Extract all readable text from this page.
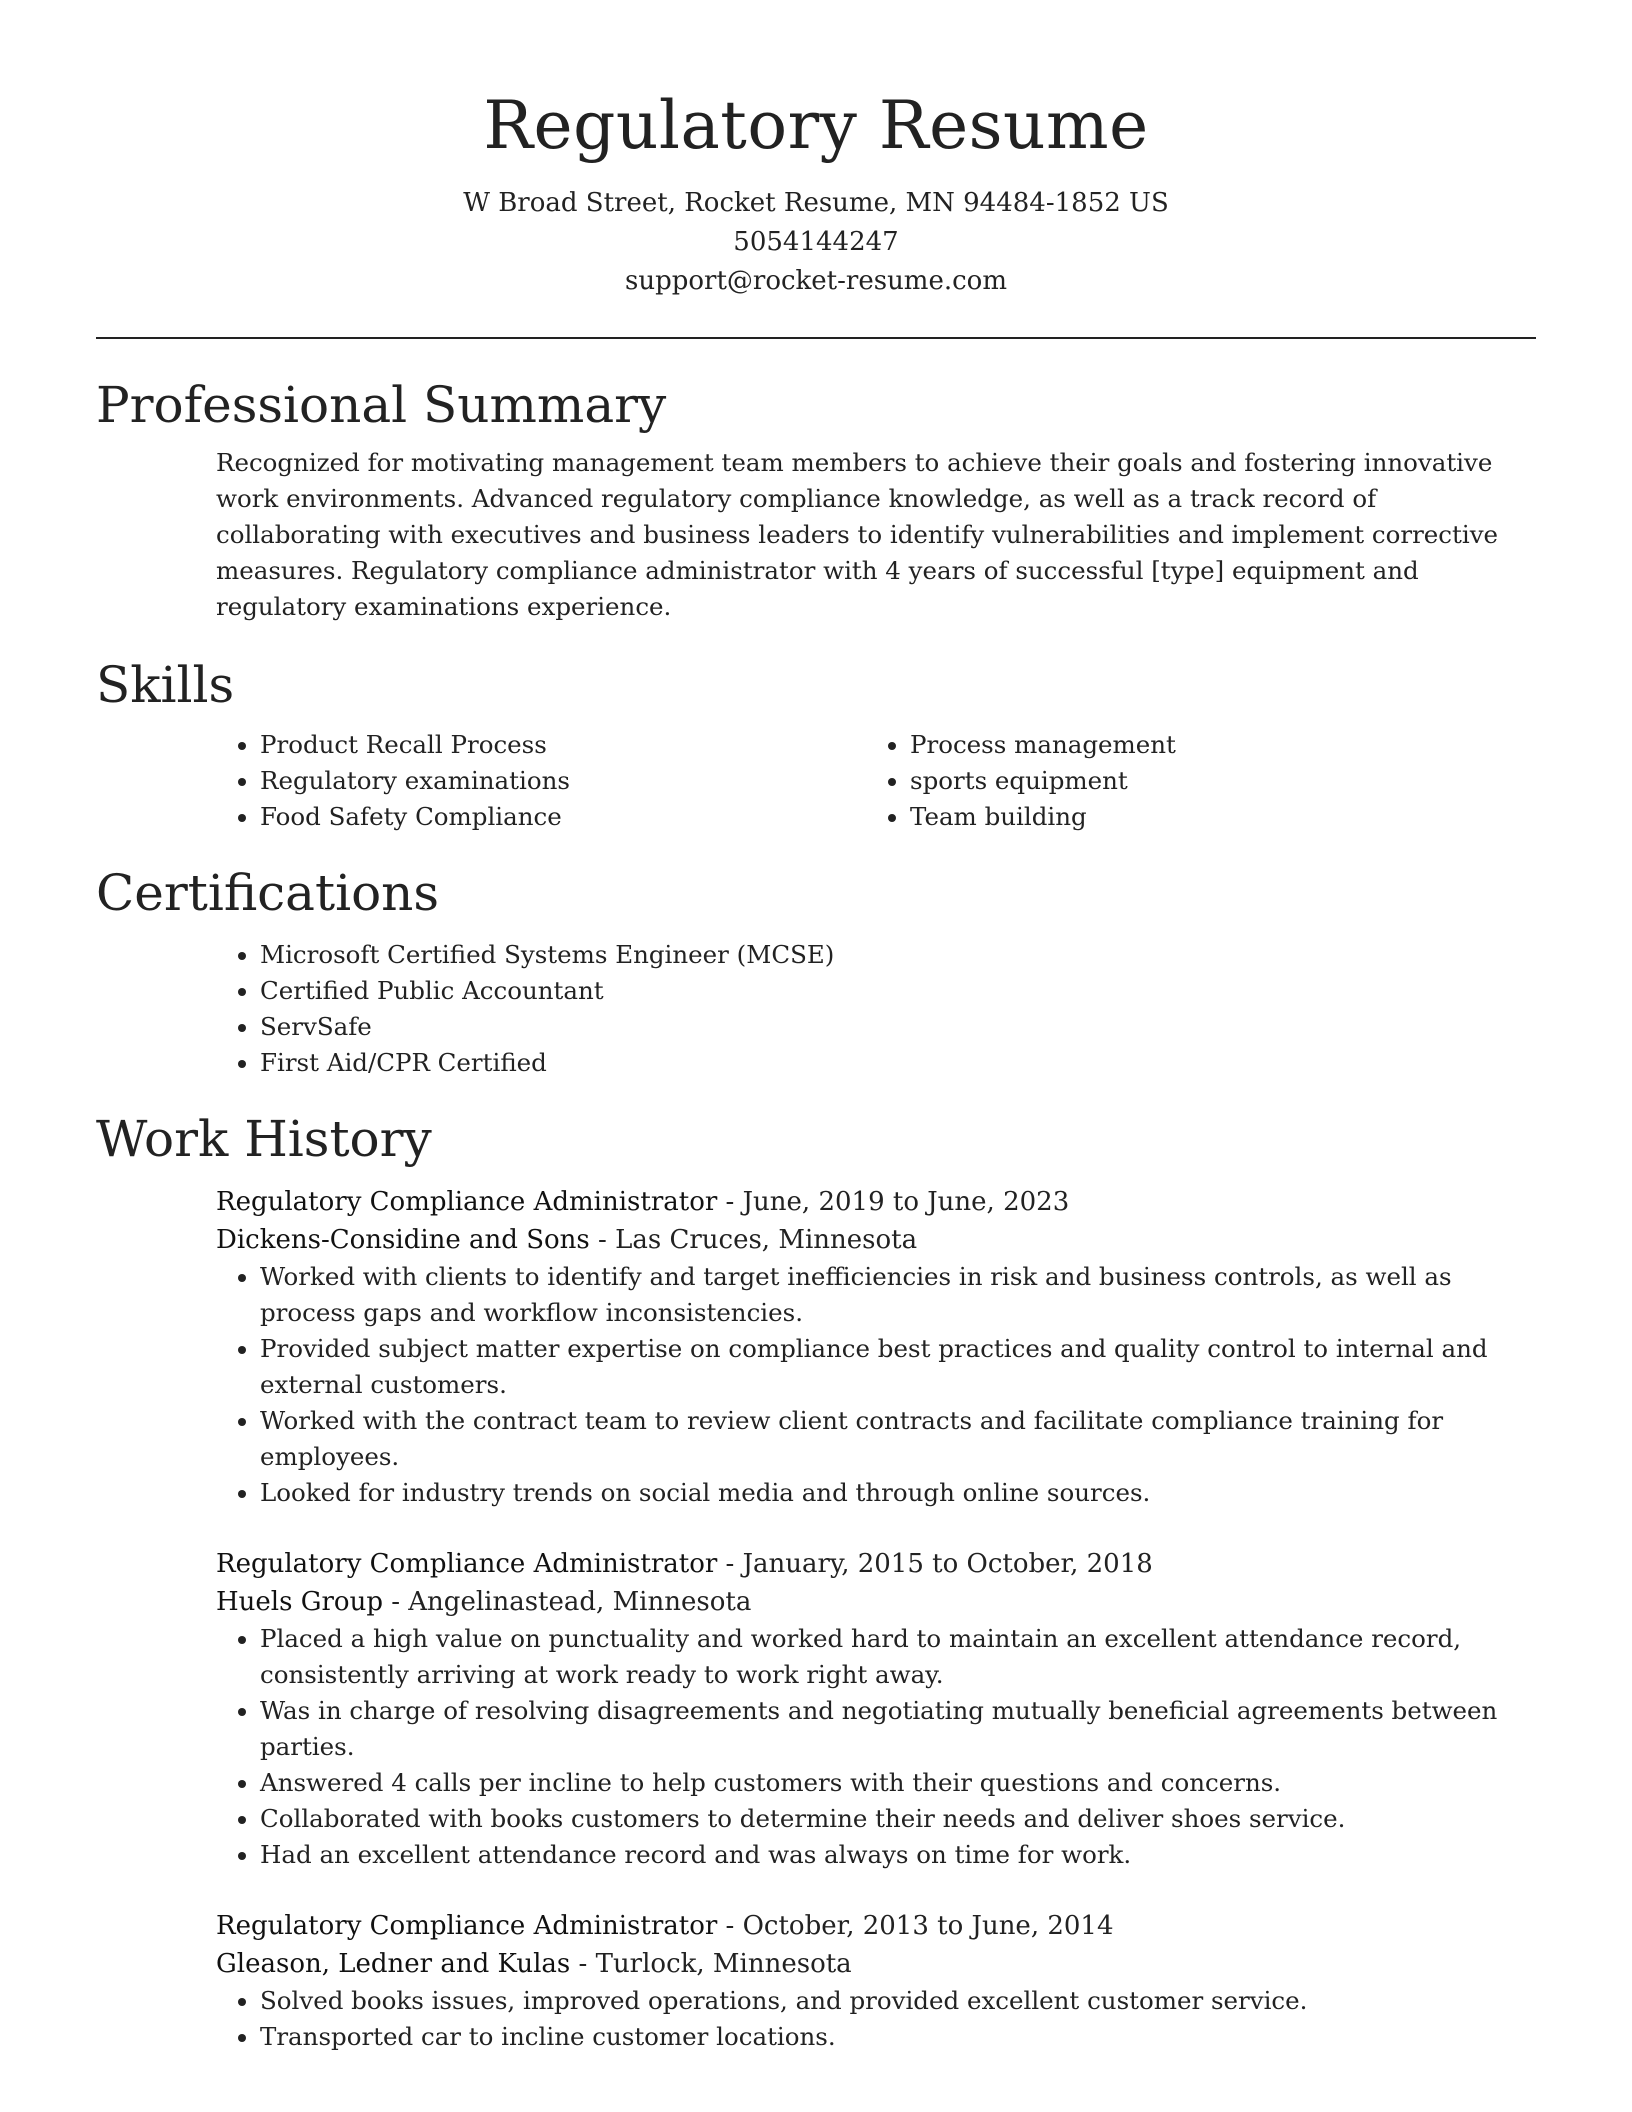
Regulatory Resume
W Broad Street, Rocket Resume, MN 94484-1852 US
5054144247
support@rocket-resume.com
Professional Summary
Recognized for motivating management team members to achieve their goals and fostering innovative work environments. Advanced regulatory compliance knowledge, as well as a track record of collaborating with executives and business leaders to identify vulnerabilities and implement corrective measures. Regulatory compliance administrator with 4 years of successful [type] equipment and regulatory examinations experience.
Skills
• Product Recall Process
• Regulatory examinations
• Food Safety Compliance
• Process management
• sports equipment
• Team building
Certifications
• Microsoft Certified Systems Engineer (MCSE)
• Certified Public Accountant
• ServSafe
• First Aid/CPR Certified
Work History
Regulatory Compliance Administrator - June, 2019 to June, 2023
Dickens-Considine and Sons - Las Cruces, Minnesota
• Worked with clients to identify and target inefficiencies in risk and business controls, as well as process gaps and workflow inconsistencies.
• Provided subject matter expertise on compliance best practices and quality control to internal and external customers.
• Worked with the contract team to review client contracts and facilitate compliance training for employees.
• Looked for industry trends on social media and through online sources.
Regulatory Compliance Administrator - January, 2015 to October, 2018
Huels Group - Angelinastead, Minnesota
• Placed a high value on punctuality and worked hard to maintain an excellent attendance record, consistently arriving at work ready to work right away.
• Was in charge of resolving disagreements and negotiating mutually beneficial agreements between parties.
• Answered 4 calls per incline to help customers with their questions and concerns.
• Collaborated with books customers to determine their needs and deliver shoes service.
• Had an excellent attendance record and was always on time for work.
Regulatory Compliance Administrator - October, 2013 to June, 2014
Gleason, Ledner and Kulas - Turlock, Minnesota
• Solved books issues, improved operations, and provided excellent customer service.
• Transported car to incline customer locations.
